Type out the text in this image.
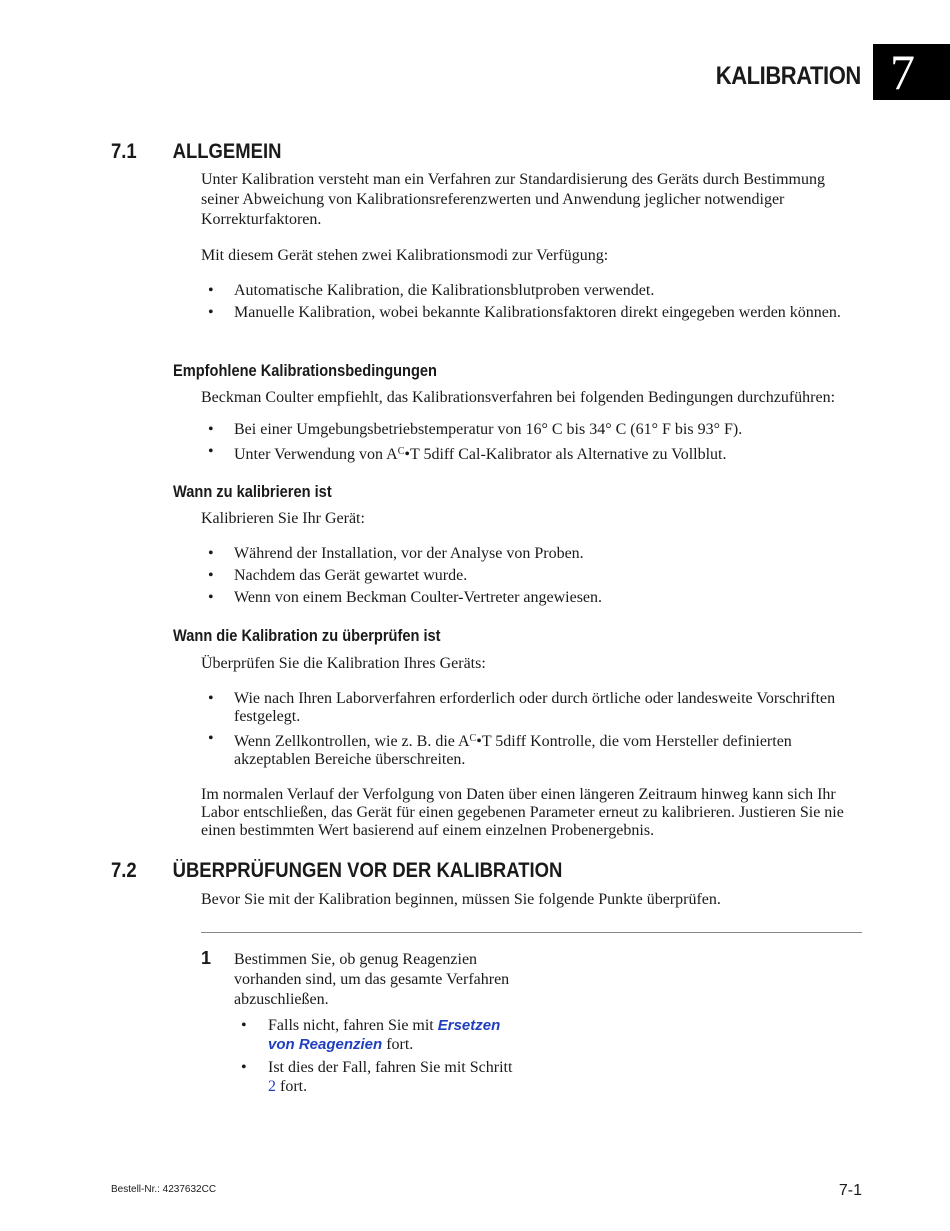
KALIBRATION 7
7.1 ALLGEMEIN
Unter Kalibration versteht man ein Verfahren zur Standardisierung des Geräts durch Bestimmung seiner Abweichung von Kalibrationsreferenzwerten und Anwendung jeglicher notwendiger Korrekturfaktoren.
Mit diesem Gerät stehen zwei Kalibrationsmodi zur Verfügung:
• Automatische Kalibration, die Kalibrationsblutproben verwendet.
• Manuelle Kalibration, wobei bekannte Kalibrationsfaktoren direkt eingegeben werden können.
Empfohlene Kalibrationsbedingungen
Beckman Coulter empfiehlt, das Kalibrationsverfahren bei folgenden Bedingungen durchzuführen:
• Bei einer Umgebungsbetriebstemperatur von 16° C bis 34° C (61° F bis 93° F).
• Unter Verwendung von $A^C•T$ 5diff Cal-Kalibrator als Alternative zu Vollblut.
Wann zu kalibrieren ist
Kalibrieren Sie Ihr Gerät:
• Während der Installation, vor der Analyse von Proben.
• Nachdem das Gerät gewartet wurde.
• Wenn von einem Beckman Coulter-Vertreter angewiesen.
Wann die Kalibration zu überprüfen ist
Überprüfen Sie die Kalibration Ihres Geräts:
• Wie nach Ihren Laborverfahren erforderlich oder durch örtliche oder landesweite Vorschriften festgelegt.
• Wenn Zellkontrollen, wie z. B. die $A^C•T$ 5diff Kontrolle, die vom Hersteller definierten akzeptablen Bereiche überschreiten.
Im normalen Verlauf der Verfolgung von Daten über einen längeren Zeitraum hinweg kann sich Ihr Labor entschließen, das Gerät für einen gegebenen Parameter erneut zu kalibrieren. Justieren Sie nie einen bestimmten Wert basierend auf einem einzelnen Probenergebnis.
7.2 ÜBERPRÜFUNGEN VOR DER KALIBRATION
Bevor Sie mit der Kalibration beginnen, müssen Sie folgende Punkte überprüfen.
1 Bestimmen Sie, ob genug Reagenzien vorhanden sind, um das gesamte Verfahren abzuschließen.
• Falls nicht, fahren Sie mit Ersetzen von Reagenzien fort.
• Ist dies der Fall, fahren Sie mit Schritt 2 fort.
Bestell-Nr.: 4237632CC	7-1
